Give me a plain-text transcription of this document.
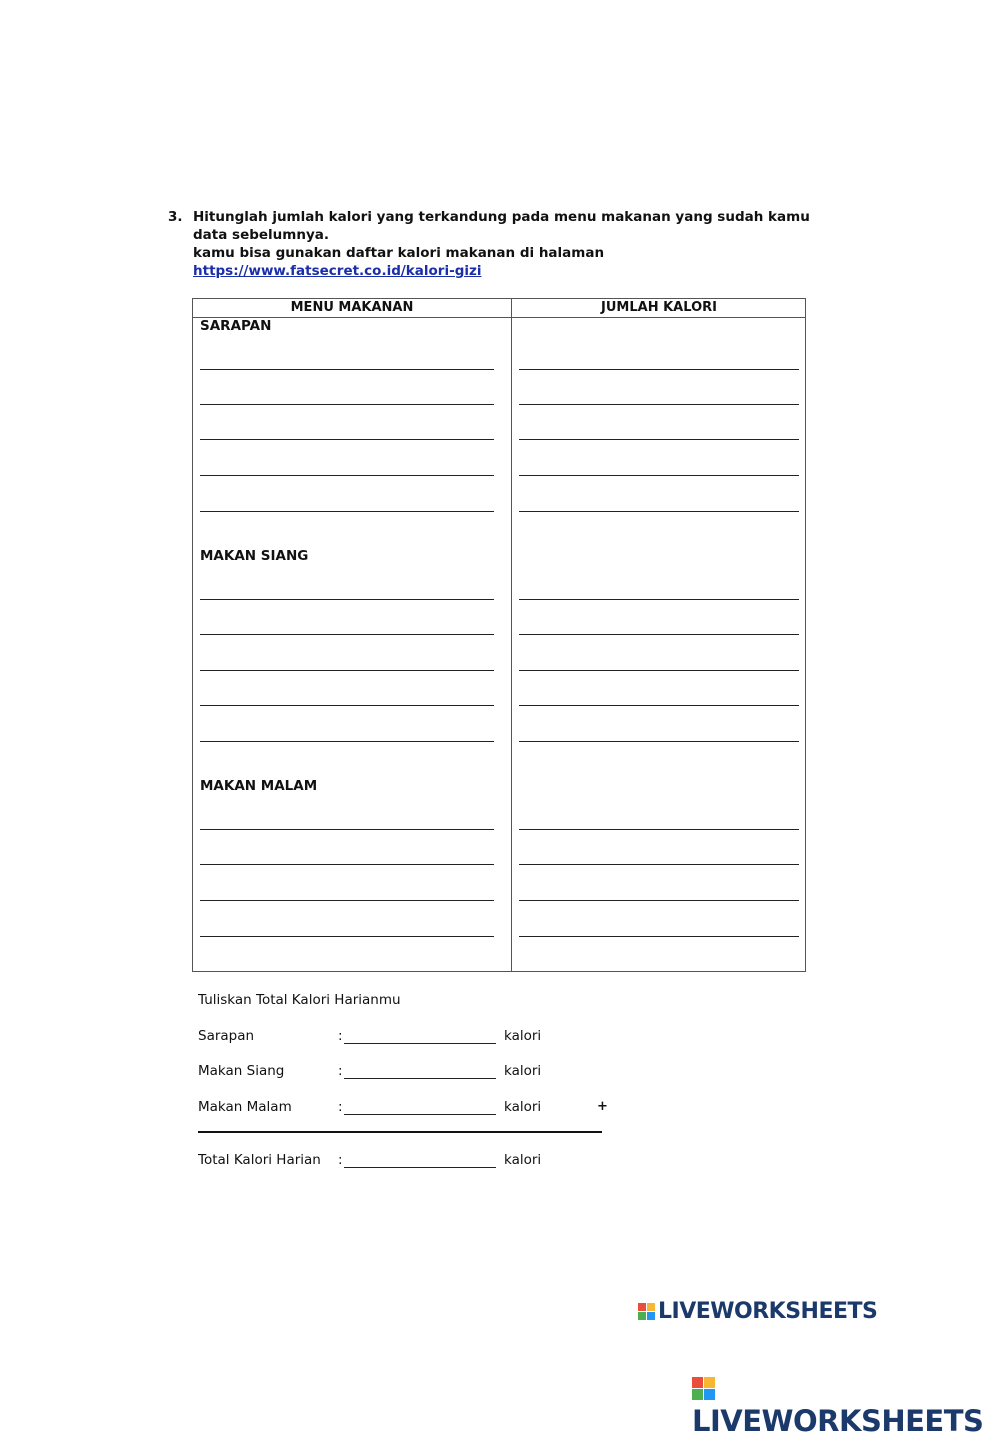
3. Hitunglah jumlah kalori yang terkandung pada menu makanan yang sudah kamu data sebelumnya.
kamu bisa gunakan daftar kalori makanan di halaman
https://www.fatsecret.co.id/kalori-gizi
MENU MAKANAN	JUMLAH KALORI
SARAPAN
MAKAN SIANG
MAKAN MALAM
Tuliskan Total Kalori Harianmu
Sarapan	:	kalori
Makan Siang	:	kalori
Makan Malam	:	kalori	+
Total Kalori Harian :	kalori
LIVEWORKSHEETS
LIVEWORKSHEETS
